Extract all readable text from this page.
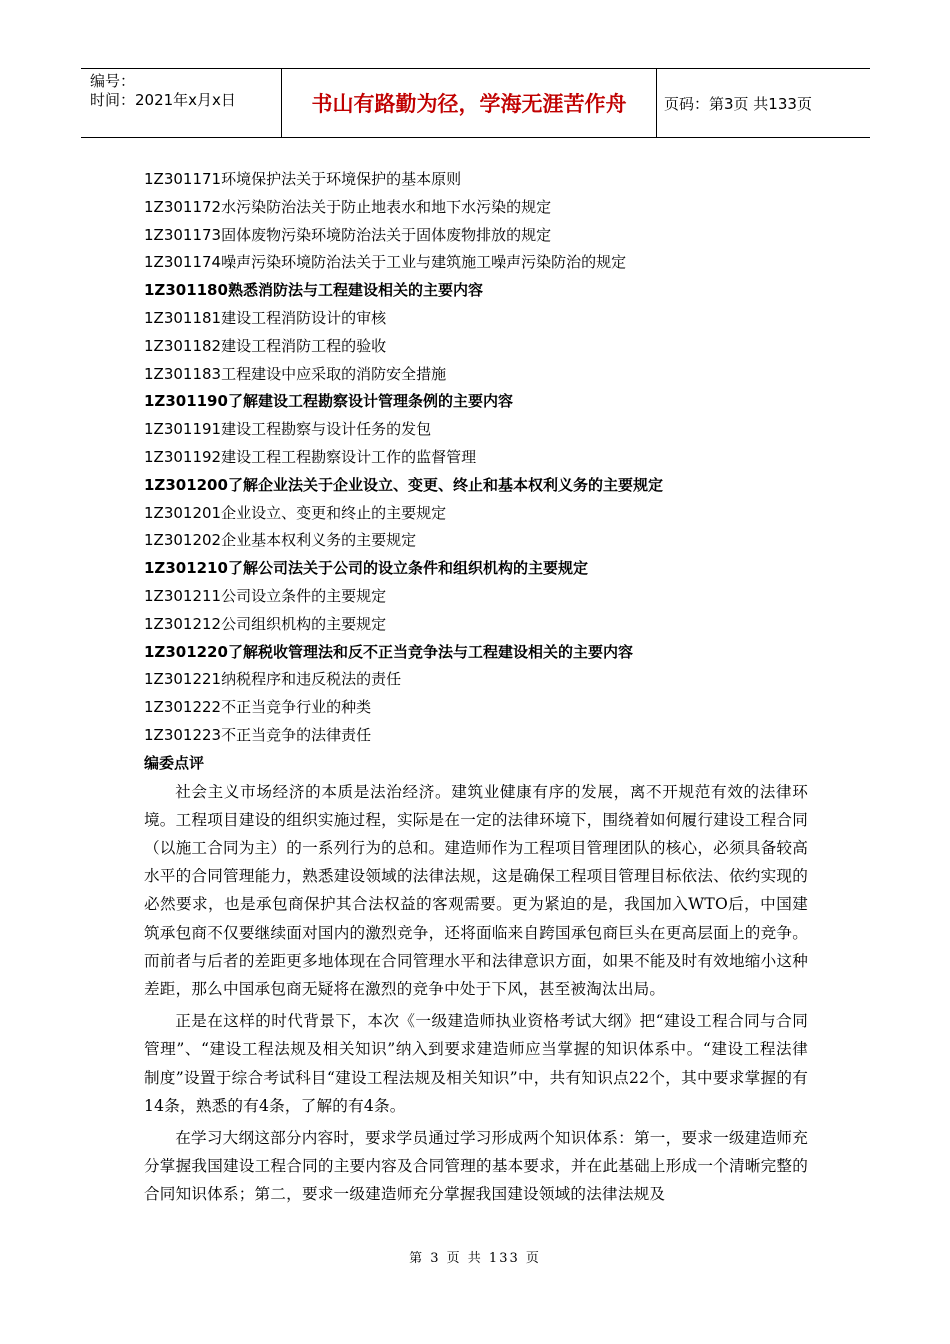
编号：
时间：2021年x月x日	书山有路勤为径，学海无涯苦作舟	页码：第3页 共133页
1Z301171环境保护法关于环境保护的基本原则
1Z301172水污染防治法关于防止地表水和地下水污染的规定
1Z301173固体废物污染环境防治法关于固体废物排放的规定
1Z301174噪声污染环境防治法关于工业与建筑施工噪声污染防治的规定
1Z301180熟悉消防法与工程建设相关的主要内容
1Z301181建设工程消防设计的审核
1Z301182建设工程消防工程的验收
1Z301183工程建设中应采取的消防安全措施
1Z301190了解建设工程勘察设计管理条例的主要内容
1Z301191建设工程勘察与设计任务的发包
1Z301192建设工程工程勘察设计工作的监督管理
1Z301200了解企业法关于企业设立、变更、终止和基本权利义务的主要规定
1Z301201企业设立、变更和终止的主要规定
1Z301202企业基本权利义务的主要规定
1Z301210了解公司法关于公司的设立条件和组织机构的主要规定
1Z301211公司设立条件的主要规定
1Z301212公司组织机构的主要规定
1Z301220了解税收管理法和反不正当竞争法与工程建设相关的主要内容
1Z301221纳税程序和违反税法的责任
1Z301222不正当竞争行业的种类
1Z301223不正当竞争的法律责任
编委点评

社会主义市场经济的本质是法治经济。建筑业健康有序的发展，离不开规范有效的法律环境。工程项目建设的组织实施过程，实际是在一定的法律环境下，围绕着如何履行建设工程合同（以施工合同为主）的一系列行为的总和。建造师作为工程项目管理团队的核心，必须具备较高水平的合同管理能力，熟悉建设领域的法律法规，这是确保工程项目管理目标依法、依约实现的必然要求，也是承包商保护其合法权益的客观需要。更为紧迫的是，我国加入WTO后，中国建筑承包商不仅要继续面对国内的激烈竞争，还将面临来自跨国承包商巨头在更高层面上的竞争。而前者与后者的差距更多地体现在合同管理水平和法律意识方面，如果不能及时有效地缩小这种差距，那么中国承包商无疑将在激烈的竞争中处于下风，甚至被淘汰出局。

正是在这样的时代背景下，本次《一级建造师执业资格考试大纲》把“建设工程合同与合同管理”、“建设工程法规及相关知识”纳入到要求建造师应当掌握的知识体系中。“建设工程法律制度”设置于综合考试科目“建设工程法规及相关知识”中，共有知识点22个，其中要求掌握的有14条，熟悉的有4条，了解的有4条。

在学习大纲这部分内容时，要求学员通过学习形成两个知识体系：第一，要求一级建造师充分掌握我国建设工程合同的主要内容及合同管理的基本要求，并在此基础上形成一个清晰完整的合同知识体系；第二，要求一级建造师充分掌握我国建设领域的法律法规及

第 3 页 共 133 页
